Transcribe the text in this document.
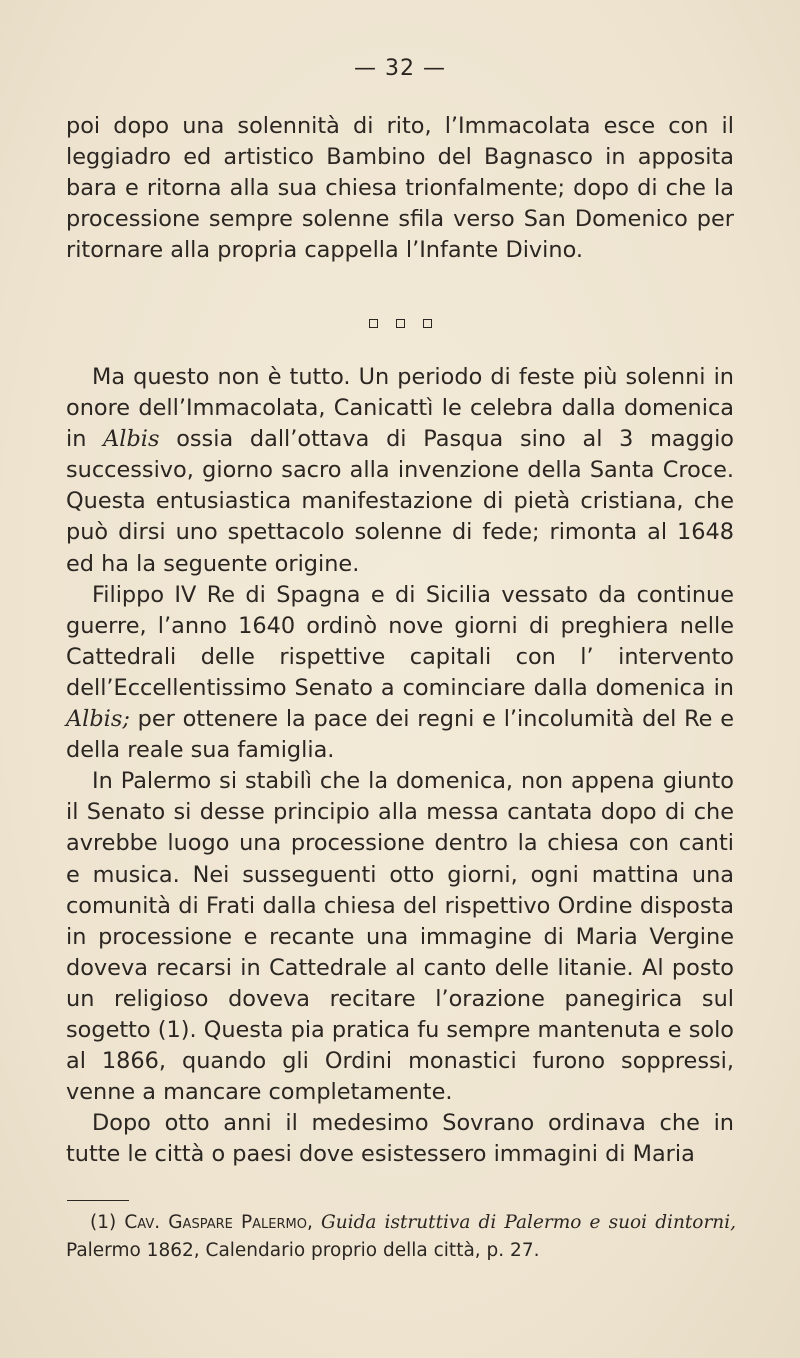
— 32 —

poi dopo una solennità di rito, l’Immacolata esce con il leggiadro ed artistico Bambino del Bagnasco in apposita bara e ritorna alla sua chiesa trionfalmente; dopo di che la processione sempre solenne sfila verso San Domenico per ritornare alla propria cappella l’Infante Divino.

Ma questo non è tutto. Un periodo di feste più solenni in onore dell’Immacolata, Canicattì le celebra dalla domenica in Albis ossia dall’ottava di Pasqua sino al 3 maggio successivo, giorno sacro alla invenzione della Santa Croce. Questa entusiastica manifestazione di pietà cristiana, che può dirsi uno spettacolo solenne di fede; rimonta al 1648 ed ha la seguente origine.

Filippo IV Re di Spagna e di Sicilia vessato da continue guerre, l’anno 1640 ordinò nove giorni di preghiera nelle Cattedrali delle rispettive capitali con l’ intervento dell’Eccellentissimo Senato a cominciare dalla domenica in Albis; per ottenere la pace dei regni e l’incolumità del Re e della reale sua famiglia.

In Palermo si stabilì che la domenica, non appena giunto il Senato si desse principio alla messa cantata dopo di che avrebbe luogo una processione dentro la chiesa con canti e musica. Nei susseguenti otto giorni, ogni mattina una comunità di Frati dalla chiesa del rispettivo Ordine disposta in processione e recante una immagine di Maria Vergine doveva recarsi in Cattedrale al canto delle litanie. Al posto un religioso doveva recitare l’orazione panegirica sul sogetto (1). Questa pia pratica fu sempre mantenuta e solo al 1866, quando gli Ordini monastici furono soppressi, venne a mancare completamente.

Dopo otto anni il medesimo Sovrano ordinava che in tutte le città o paesi dove esistessero immagini di Maria

(1) Cav. Gaspare Palermo, Guida istruttiva di Palermo e suoi dintorni, Palermo 1862, Calendario proprio della città, p. 27.
